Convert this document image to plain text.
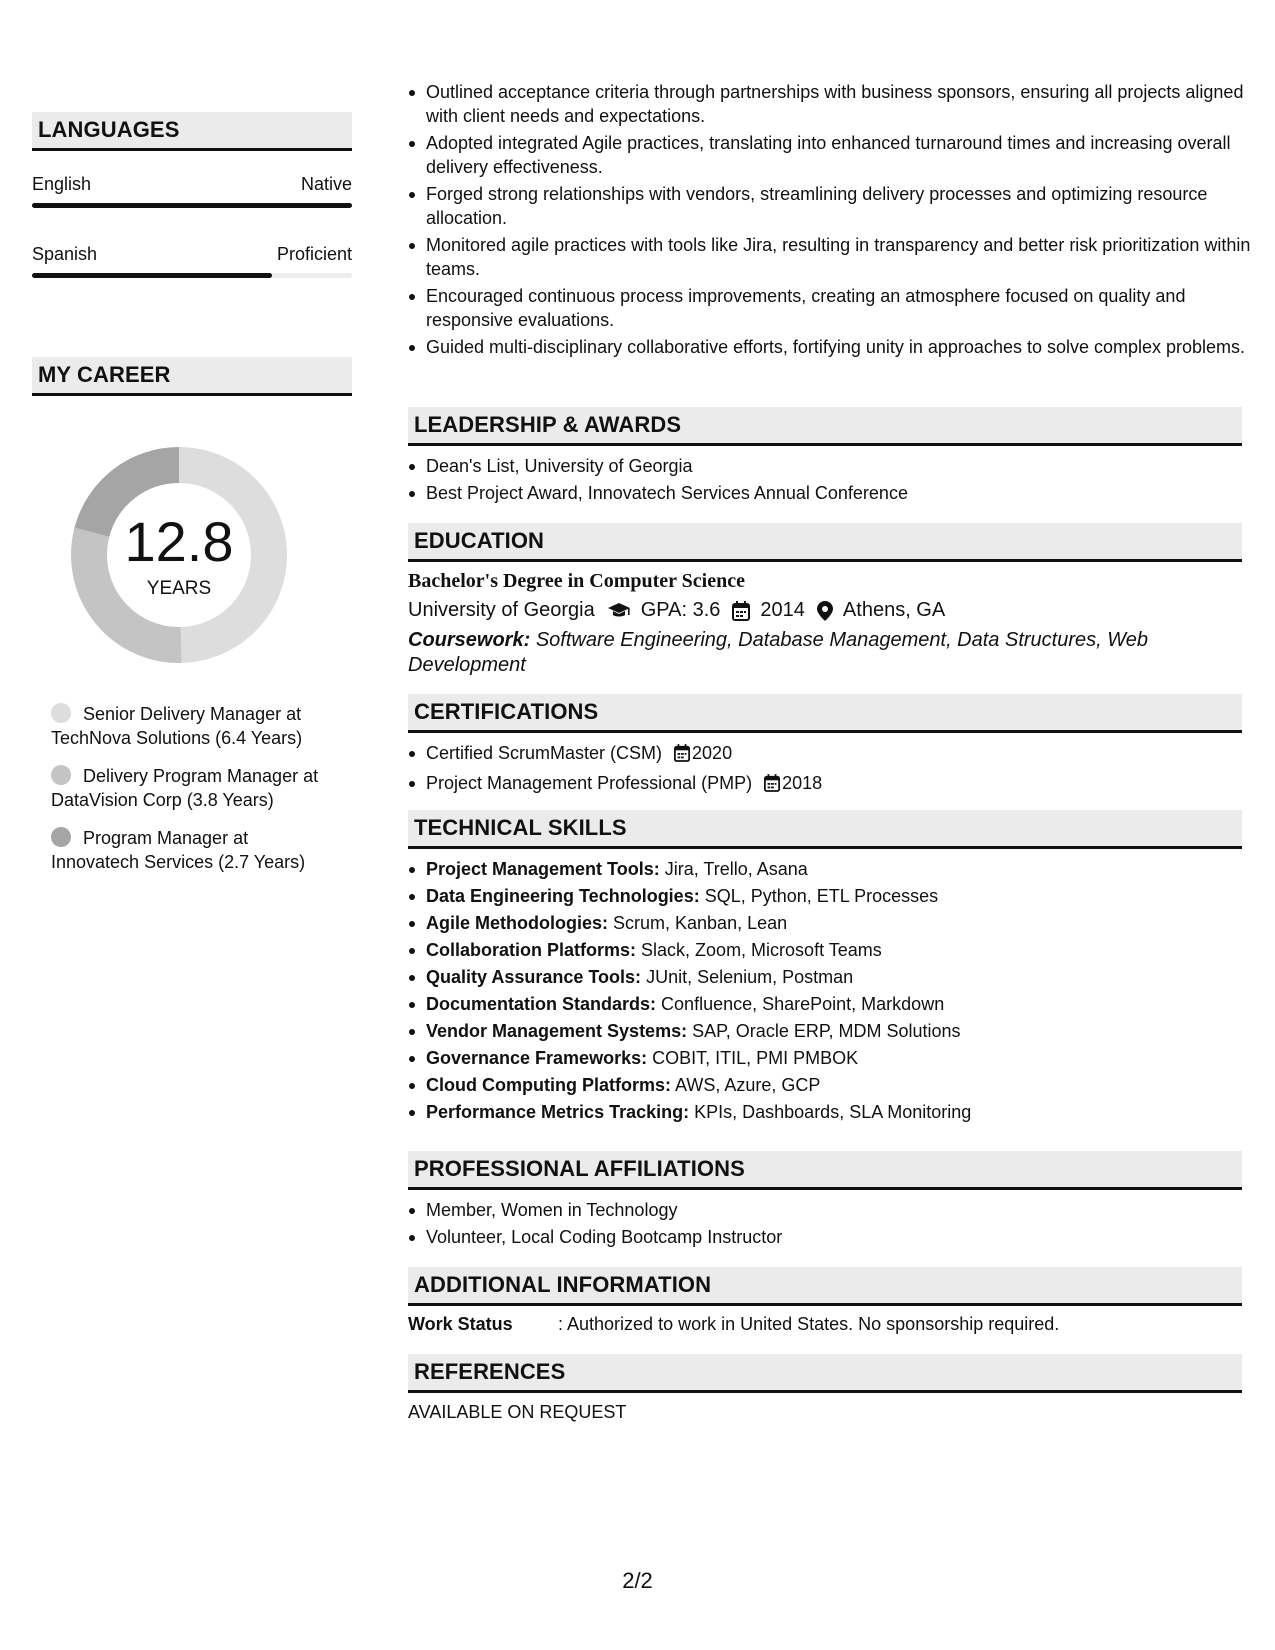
LANGUAGES
English	Native
Spanish	Proficient
MY CAREER
12.8
YEARS
Senior Delivery Manager at TechNova Solutions (6.4 Years)
Delivery Program Manager at DataVision Corp (3.8 Years)
Program Manager at Innovatech Services (2.7 Years)
Outlined acceptance criteria through partnerships with business sponsors, ensuring all projects aligned with client needs and expectations.
Adopted integrated Agile practices, translating into enhanced turnaround times and increasing overall delivery effectiveness.
Forged strong relationships with vendors, streamlining delivery processes and optimizing resource allocation.
Monitored agile practices with tools like Jira, resulting in transparency and better risk prioritization within teams.
Encouraged continuous process improvements, creating an atmosphere focused on quality and responsive evaluations.
Guided multi-disciplinary collaborative efforts, fortifying unity in approaches to solve complex problems.
LEADERSHIP & AWARDS
Dean's List, University of Georgia
Best Project Award, Innovatech Services Annual Conference
EDUCATION
Bachelor's Degree in Computer Science
University of Georgia GPA: 3.6 2014 Athens, GA
Coursework: Software Engineering, Database Management, Data Structures, Web Development
CERTIFICATIONS
Certified ScrumMaster (CSM) 2020
Project Management Professional (PMP) 2018
TECHNICAL SKILLS
Project Management Tools: Jira, Trello, Asana
Data Engineering Technologies: SQL, Python, ETL Processes
Agile Methodologies: Scrum, Kanban, Lean
Collaboration Platforms: Slack, Zoom, Microsoft Teams
Quality Assurance Tools: JUnit, Selenium, Postman
Documentation Standards: Confluence, SharePoint, Markdown
Vendor Management Systems: SAP, Oracle ERP, MDM Solutions
Governance Frameworks: COBIT, ITIL, PMI PMBOK
Cloud Computing Platforms: AWS, Azure, GCP
Performance Metrics Tracking: KPIs, Dashboards, SLA Monitoring
PROFESSIONAL AFFILIATIONS
Member, Women in Technology
Volunteer, Local Coding Bootcamp Instructor
ADDITIONAL INFORMATION
Work Status	: Authorized to work in United States. No sponsorship required.
REFERENCES
AVAILABLE ON REQUEST
2/2
